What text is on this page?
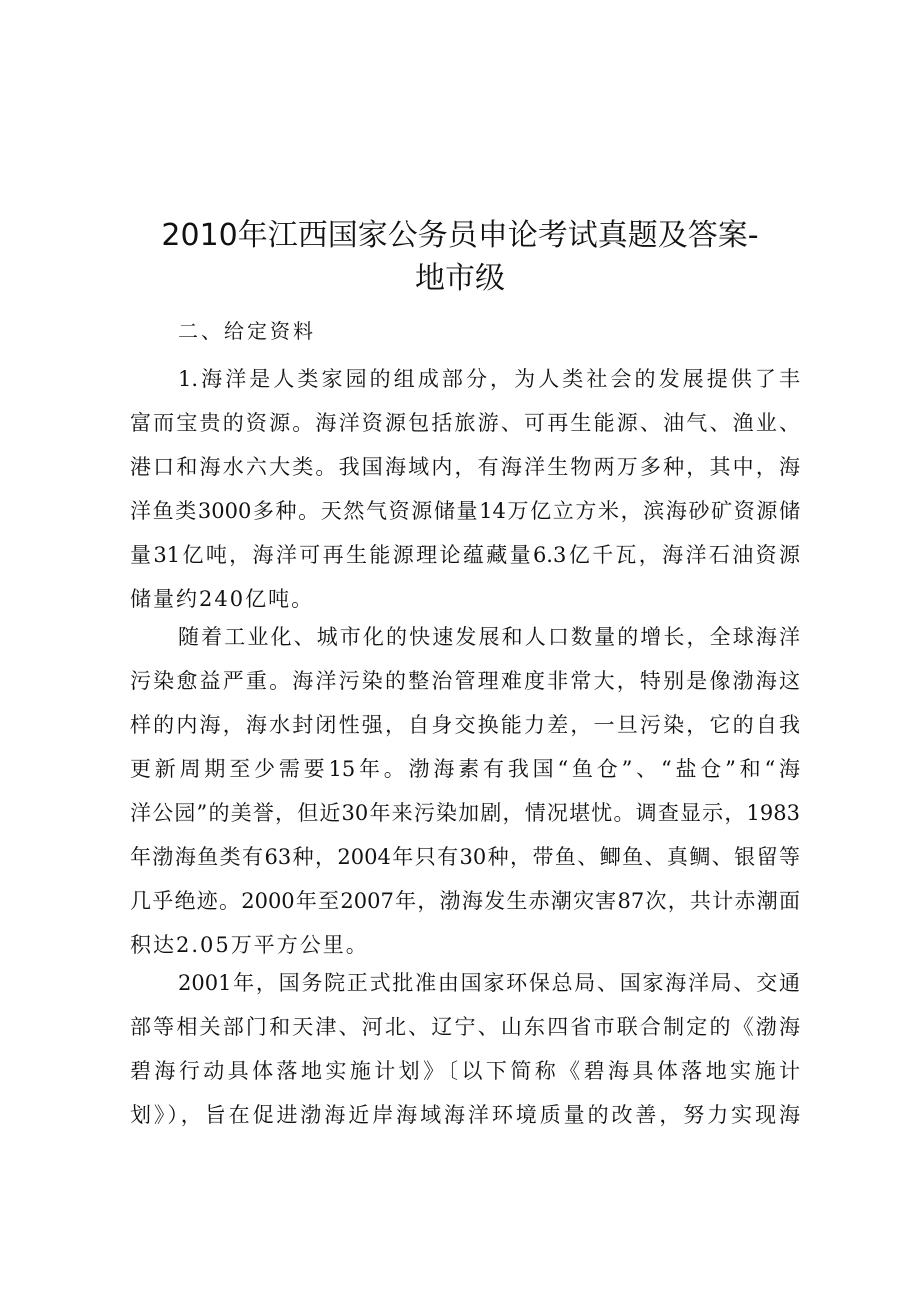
2010年江西国家公务员申论考试真题及答案-
地市级
二、给定资料
1.海洋是人类家园的组成部分，为人类社会的发展提供了丰
富而宝贵的资源。海洋资源包括旅游、可再生能源、油气、渔业、
港口和海水六大类。我国海域内，有海洋生物两万多种，其中，海
洋鱼类3000多种。天然气资源储量14万亿立方米，滨海砂矿资源储
量31亿吨，海洋可再生能源理论蕴藏量6.3亿千瓦，海洋石油资源
储量约240亿吨。
随着工业化、城市化的快速发展和人口数量的增长，全球海洋
污染愈益严重。海洋污染的整治管理难度非常大，特别是像渤海这
样的内海，海水封闭性强，自身交换能力差，一旦污染，它的自我
更新周期至少需要15年。渤海素有我国“鱼仓”、“盐仓”和“海
洋公园”的美誉，但近30年来污染加剧，情况堪忧。调查显示，1983
年渤海鱼类有63种，2004年只有30种，带鱼、鲫鱼、真鲷、银留等
几乎绝迹。2000年至2007年，渤海发生赤潮灾害87次，共计赤潮面
积达2.05万平方公里。
2001年，国务院正式批准由国家环保总局、国家海洋局、交通
部等相关部门和天津、河北、辽宁、山东四省市联合制定的《渤海
碧海行动具体落地实施计划》〔以下简称《碧海具体落地实施计
划》），旨在促进渤海近岸海域海洋环境质量的改善，努力实现海
